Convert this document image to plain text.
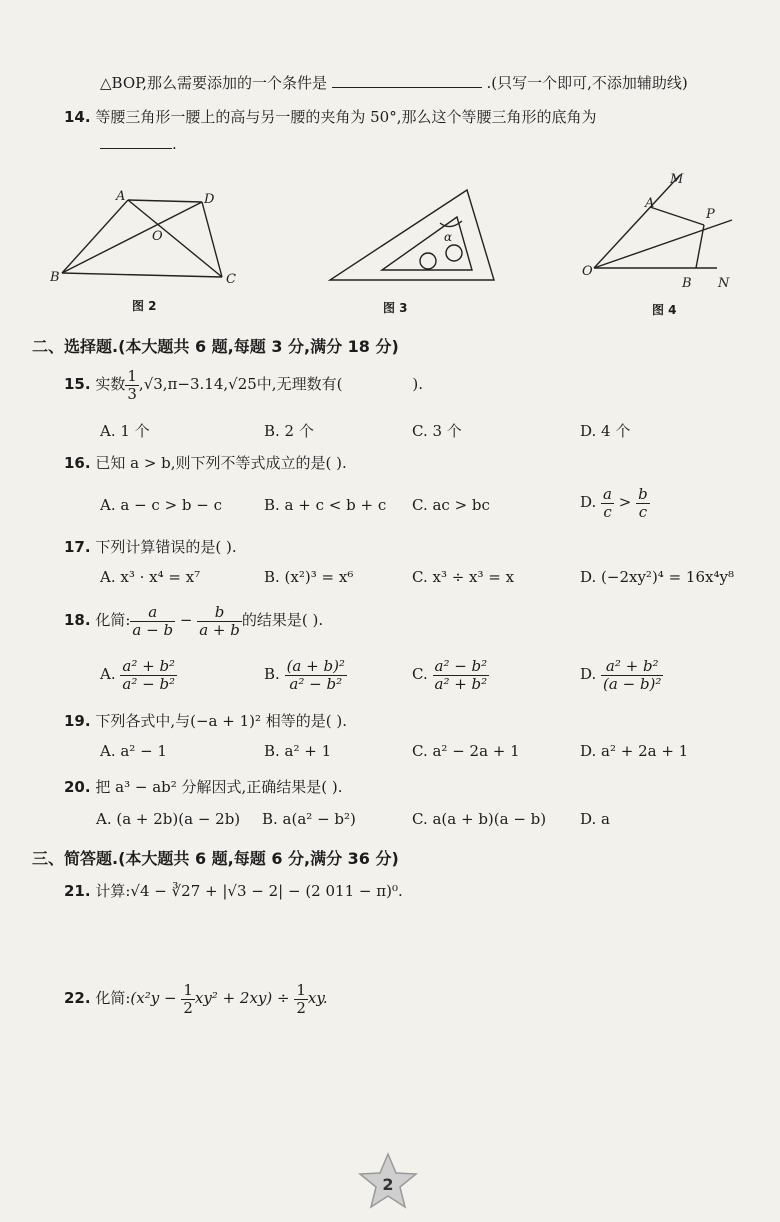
△BOP,那么需要添加的一个条件是	.(只写一个即可,不添加辅助线)
14. 等腰三角形一腰上的高与另一腰的夹角为 50°,那么这个等腰三角形的底角为
.
A	D
O
B	C
图 2
α
图 3
M
A
P
O
B N
图 4
二、选择题.(本大题共 6 题,每题 3 分,满分 18 分)
15. 实数 $\frac{1}{3} ,√3,\pi-3.14,√25$中,无理数有(	).
A. 1 个	B. 2 个	C. 3 个	D. 4 个
16. 已知 a > b,则下列不等式成立的是( ).
A. a − c > b − c	B. a + c < b + c C. ac > bc	D. $\frac{a}{c} > \frac{b}{c}$
17. 下列计算错误的是( ).
A. x³ · x⁴ = x⁷	B. (x²)³ = x⁶	C. x³ ÷ x³ = x	D. (−2xy²)⁴ = 16x⁴y⁸
18. 化简: $\frac{a}{a - b} - \frac{b}{a + b}$ 的结果是( ).
A. $\frac{\text{a² + b²}}{\text{a² − b²}}$	B. $\frac{\text{(a + b)²}}{\text{a² − b²}}$	C. $\frac{\text{a² − b²}}{\text{a² + b²}}$	D. $\frac{\text{a² + b²}}{\text{(a − b)²}}$
19. 下列各式中,与(−a + 1)² 相等的是( ).
A. a² − 1	B. a² + 1	C. a² − 2a + 1	D. a² + 2a + 1
20. 把 a³ − ab² 分解因式,正确结果是( ).
A. (a + 2b)(a − 2b) B. a(a² − b²)	C. a(a + b)(a − b) D. a
三、简答题.(本大题共 6 题,每题 6 分,满分 36 分)
21. 计算:√4 − ∛27 + |√3 − 2| − (2 011 − π)⁰.
22. 化简:(x²y − $\frac{1}{2} xy^2 + 2xy) \div \frac{1}{2}$ xy.
2
